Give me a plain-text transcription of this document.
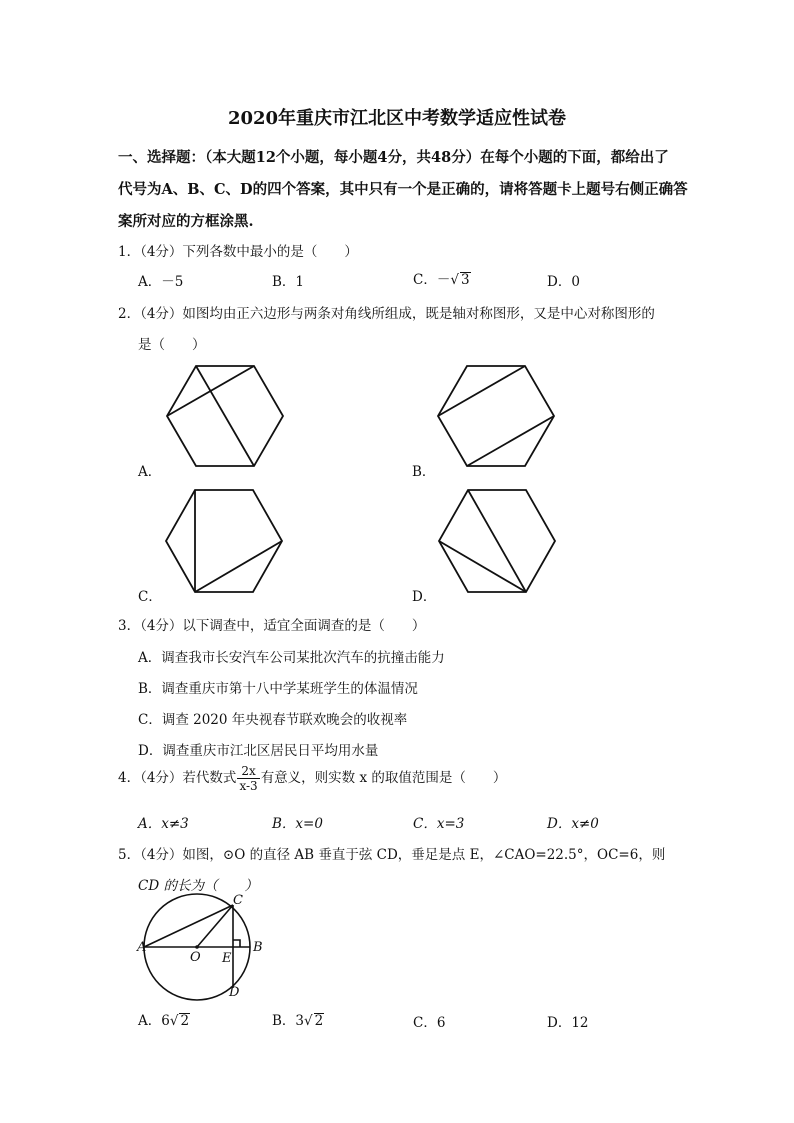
2020年重庆市江北区中考数学适应性试卷
一、选择题：（本大题12个小题，每小题4分，共48分）在每个小题的下面，都给出了
代号为A、B、C、D的四个答案，其中只有一个是正确的，请将答题卡上题号右侧正确答
案所对应的方框涂黑.
1．（4分）下列各数中最小的是（　　）
A．－5	B．1	C．－√ 3	D．0
2．（4分）如图均由正六边形与两条对角线所组成，既是轴对称图形，又是中心对称图形的
是（　　）
A．	B．
C．	D．
3．（4分）以下调查中，适宜全面调查的是（　　）
A．调查我市长安汽车公司某批次汽车的抗撞击能力
B．调查重庆市第十八中学某班学生的体温情况
C．调查 2020 年央视春节联欢晚会的收视率
D．调查重庆市江北区居民日平均用水量
4．（4分）若代数式 $\frac{2x}{x-3}$ 有意义，则实数 x 的取值范围是（　　）
A．x≠3	B．x=0	C．x=3	D．x≠0
5．（4分）如图，⊙O 的直径 AB 垂直于弦 CD，垂足是点 E，∠CAO=22.5°，OC=6，则
CD 的长为（　　）
A	B
C
D
O E
A．6√ 2	B．3√ 2	C．6	D．12
